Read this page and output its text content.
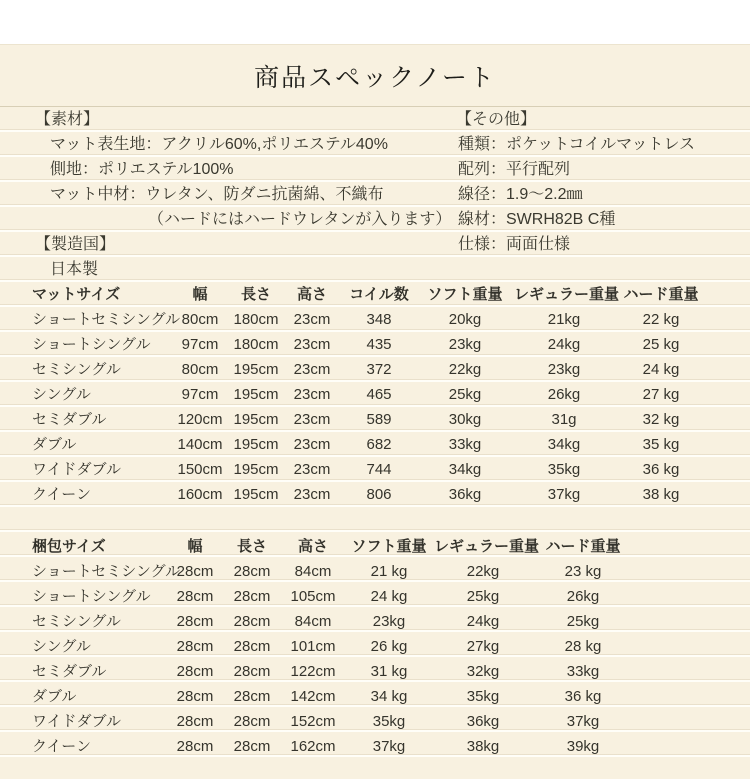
商品スペックノート
【素材】
マット表生地：アクリル60%,ポリエステル40%
側地：ポリエステル100%
マット中材：ウレタン、防ダニ抗菌綿、不織布
（ハードにはハードウレタンが入ります）
【製造国】
日本製
【その他】
種類：ポケットコイルマットレス
配列：平行配列
線径：1.9〜2.2㎜
線材：SWRH82B C種
仕様：両面仕様
マットサイズ	幅	長さ	高さ	コイル数	ソフト重量	レギュラー重量	ハード重量
ショートセミシングル	80cm	180cm	23cm	348	20kg	21kg	22 kg
ショートシングル	97cm	180cm	23cm	435	23kg	24kg	25 kg
セミシングル	80cm	195cm	23cm	372	22kg	23kg	24 kg
シングル	97cm	195cm	23cm	465	25kg	26kg	27 kg
セミダブル	120cm	195cm	23cm	589	30kg	31g	32 kg
ダブル	140cm	195cm	23cm	682	33kg	34kg	35 kg
ワイドダブル	150cm	195cm	23cm	744	34kg	35kg	36 kg
クイーン	160cm	195cm	23cm	806	36kg	37kg	38 kg
梱包サイズ	幅	長さ	高さ	ソフト重量	レギュラー重量	ハード重量
ショートセミシングル	28cm	28cm	84cm	21 kg	22kg	23 kg
ショートシングル	28cm	28cm	105cm	24 kg	25kg	26kg
セミシングル	28cm	28cm	84cm	23kg	24kg	25kg
シングル	28cm	28cm	101cm	26 kg	27kg	28 kg
セミダブル	28cm	28cm	122cm	31 kg	32kg	33kg
ダブル	28cm	28cm	142cm	34 kg	35kg	36 kg
ワイドダブル	28cm	28cm	152cm	35kg	36kg	37kg
クイーン	28cm	28cm	162cm	37kg	38kg	39kg
